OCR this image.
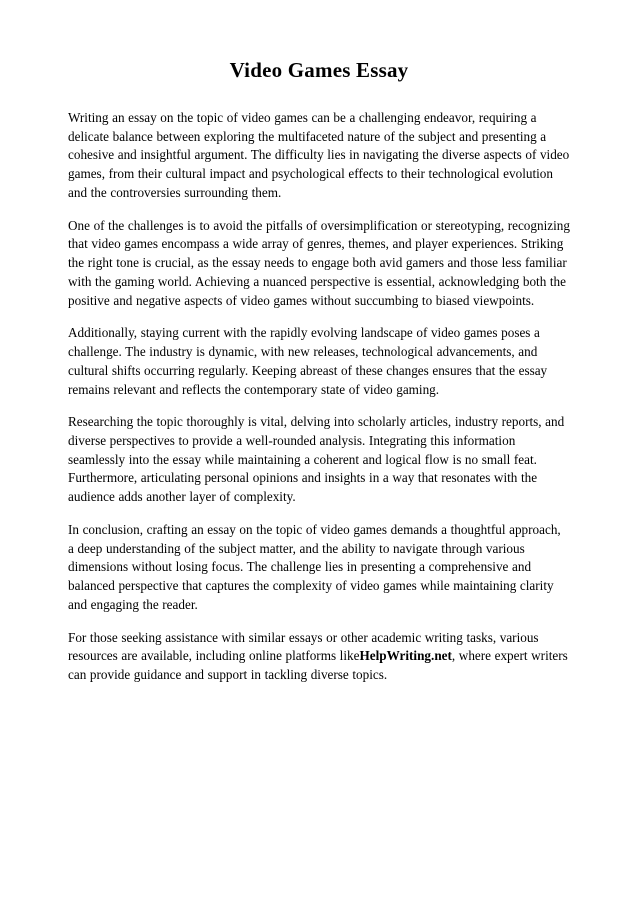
Video Games Essay

Writing an essay on the topic of video games can be a challenging endeavor, requiring a delicate balance between exploring the multifaceted nature of the subject and presenting a cohesive and insightful argument. The difficulty lies in navigating the diverse aspects of video games, from their cultural impact and psychological effects to their technological evolution and the controversies surrounding them.

One of the challenges is to avoid the pitfalls of oversimplification or stereotyping, recognizing that video games encompass a wide array of genres, themes, and player experiences. Striking the right tone is crucial, as the essay needs to engage both avid gamers and those less familiar with the gaming world. Achieving a nuanced perspective is essential, acknowledging both the positive and negative aspects of video games without succumbing to biased viewpoints.

Additionally, staying current with the rapidly evolving landscape of video games poses a challenge. The industry is dynamic, with new releases, technological advancements, and cultural shifts occurring regularly. Keeping abreast of these changes ensures that the essay remains relevant and reflects the contemporary state of video gaming.

Researching the topic thoroughly is vital, delving into scholarly articles, industry reports, and diverse perspectives to provide a well-rounded analysis. Integrating this information seamlessly into the essay while maintaining a coherent and logical flow is no small feat. Furthermore, articulating personal opinions and insights in a way that resonates with the audience adds another layer of complexity.

In conclusion, crafting an essay on the topic of video games demands a thoughtful approach, a deep understanding of the subject matter, and the ability to navigate through various dimensions without losing focus. The challenge lies in presenting a comprehensive and balanced perspective that captures the complexity of video games while maintaining clarity and engaging the reader.

For those seeking assistance with similar essays or other academic writing tasks, various resources are available, including online platforms likeHelpWriting.net, where expert writers can provide guidance and support in tackling diverse topics.
